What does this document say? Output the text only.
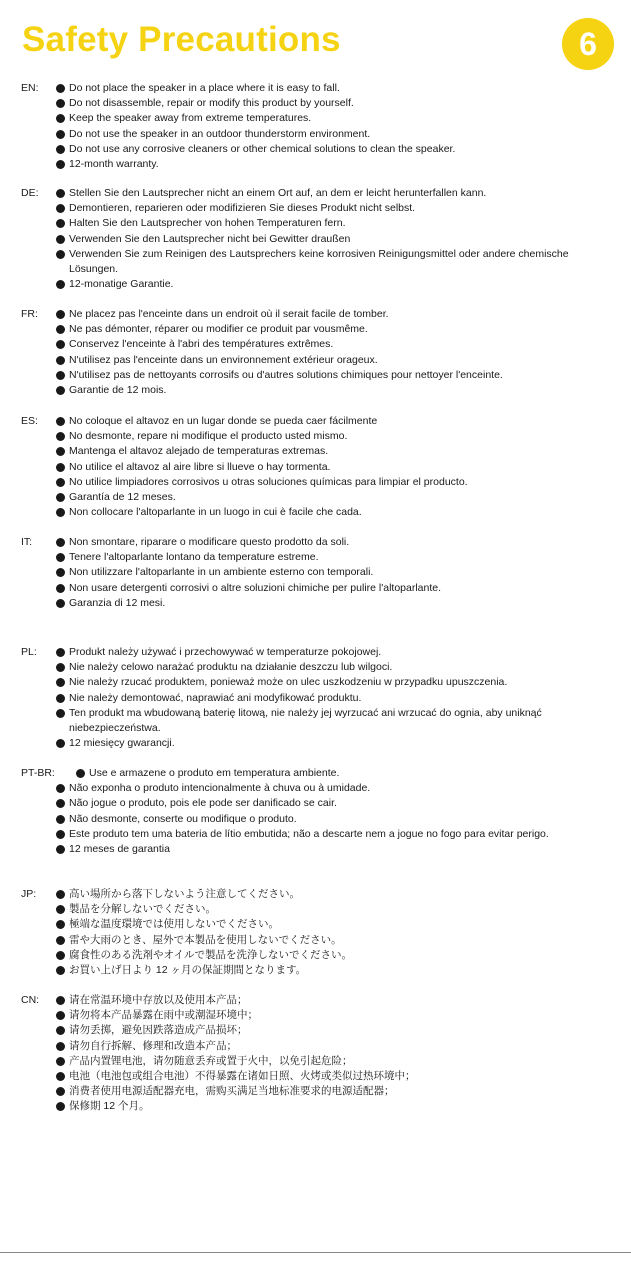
Safety Precautions	6
EN:	Do not place the speaker in a place where it is easy to fall.
Do not disassemble, repair or modify this product by yourself.
Keep the speaker away from extreme temperatures.
Do not use the speaker in an outdoor thunderstorm environment.
Do not use any corrosive cleaners or other chemical solutions to clean the speaker.
12-month warranty.
DE:	Stellen Sie den Lautsprecher nicht an einem Ort auf, an dem er leicht herunterfallen kann.
Demontieren, reparieren oder modifizieren Sie dieses Produkt nicht selbst.
Halten Sie den Lautsprecher von hohen Temperaturen fern.
Verwenden Sie den Lautsprecher nicht bei Gewitter draußen
Verwenden Sie zum Reinigen des Lautsprechers keine korrosiven Reinigungsmittel oder andere chemische Lösungen.
12-monatige Garantie.
FR:	Ne placez pas l'enceinte dans un endroit où il serait facile de tomber.
Ne pas démonter, réparer ou modifier ce produit par vousmême.
Conservez l'enceinte à l'abri des températures extrêmes.
N'utilisez pas l'enceinte dans un environnement extérieur orageux.
N'utilisez pas de nettoyants corrosifs ou d'autres solutions chimiques pour nettoyer l'enceinte.
Garantie de 12 mois.
ES:	No coloque el altavoz en un lugar donde se pueda caer fácilmente
No desmonte, repare ni modifique el producto usted mismo.
Mantenga el altavoz alejado de temperaturas extremas.
No utilice el altavoz al aire libre si llueve o hay tormenta.
No utilice limpiadores corrosivos u otras soluciones químicas para limpiar el producto.
Garantía de 12 meses.
Non collocare l'altoparlante in un luogo in cui è facile che cada.
IT:	Non smontare, riparare o modificare questo prodotto da soli.
Tenere l'altoparlante lontano da temperature estreme.
Non utilizzare l'altoparlante in un ambiente esterno con temporali.
Non usare detergenti corrosivi o altre soluzioni chimiche per pulire l'altoparlante.
Garanzia di 12 mesi.
PL:	Produkt należy używać i przechowywać w temperaturze pokojowej.
Nie należy celowo narażać produktu na działanie deszczu lub wilgoci.
Nie należy rzucać produktem, ponieważ może on ulec uszkodzeniu w przypadku upuszczenia.
Nie należy demontować, naprawiać ani modyfikować produktu.
Ten produkt ma wbudowaną baterię litową, nie należy jej wyrzucać ani wrzucać do ognia, aby uniknąć niebezpieczeństwa.
12 miesięcy gwarancji.
PT-BR:	Use e armazene o produto em temperatura ambiente.
Não exponha o produto intencionalmente à chuva ou à umidade.
Não jogue o produto, pois ele pode ser danificado se cair.
Não desmonte, conserte ou modifique o produto.
Este produto tem uma bateria de lítio embutida; não a descarte nem a jogue no fogo para evitar perigo.
12 meses de garantia
JP:	高い場所から落下しないよう注意してください。
製品を分解しないでください。
極端な温度環境では使用しないでください。
雷や大雨のとき、屋外で本製品を使用しないでください。
腐食性のある洗剤やオイルで製品を洗浄しないでください。
お買い上げ日より 12 ヶ月の保証期間となります。
CN:	请在常温环境中存放以及使用本产品；
请勿将本产品暴露在雨中或潮湿环境中；
请勿丢掷，避免因跌落造成产品损坏；
请勿自行拆解、修理和改造本产品；
产品内置锂电池，请勿随意丢弃或置于火中，以免引起危险；
电池（电池包或组合电池）不得暴露在诸如日照、火烤或类似过热环境中；
消费者使用电源适配器充电，需购买满足当地标准要求的电源适配器；
保修期 12 个月。
